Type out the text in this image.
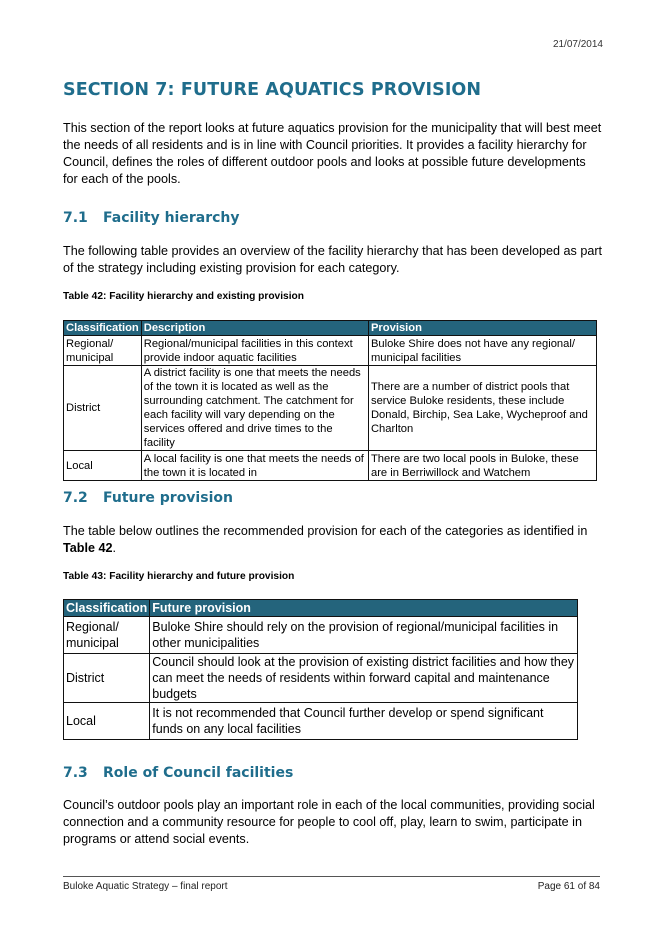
21/07/2014
SECTION 7: FUTURE AQUATICS PROVISION

This section of the report looks at future aquatics provision for the municipality that will best meet the needs of all residents and is in line with Council priorities. It provides a facility hierarchy for Council, defines the roles of different outdoor pools and looks at possible future developments for each of the pools.

7.1 Facility hierarchy

The following table provides an overview of the facility hierarchy that has been developed as part of the strategy including existing provision for each category.

Table 42: Facility hierarchy and existing provision

Classification	Description	Provision
Regional/ municipal	Regional/municipal facilities in this context provide indoor aquatic facilities	Buloke Shire does not have any regional/ municipal facilities
District	A district facility is one that meets the needs of the town it is located as well as the surrounding catchment. The catchment for each facility will vary depending on the services offered and drive times to the facility	There are a number of district pools that service Buloke residents, these include Donald, Birchip, Sea Lake, Wycheproof and Charlton
Local	A local facility is one that meets the needs of the town it is located in	There are two local pools in Buloke, these are in Berriwillock and Watchem
7.2 Future provision

The table below outlines the recommended provision for each of the categories as identified in Table 42.

Table 43: Facility hierarchy and future provision

Classification	Future provision
Regional/ municipal	Buloke Shire should rely on the provision of regional/municipal facilities in other municipalities
District	Council should look at the provision of existing district facilities and how they can meet the needs of residents within forward capital and maintenance budgets
Local	It is not recommended that Council further develop or spend significant funds on any local facilities
7.3 Role of Council facilities

Council’s outdoor pools play an important role in each of the local communities, providing social connection and a community resource for people to cool off, play, learn to swim, participate in programs or attend social events.

Buloke Aquatic Strategy – final report	Page 61 of 84
